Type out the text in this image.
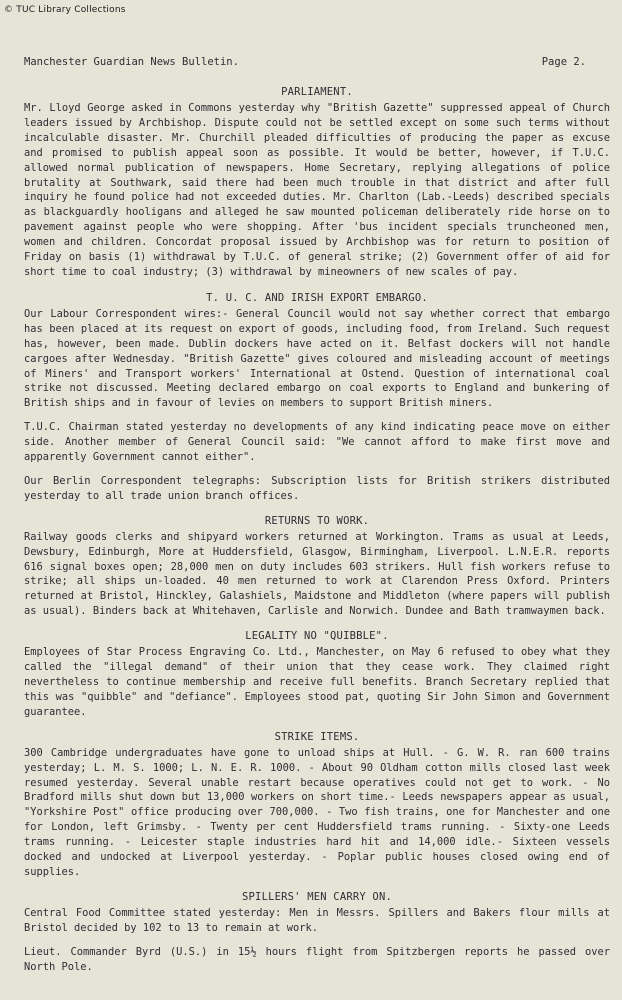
© TUC Library Collections
Manchester Guardian News Bulletin.	Page 2.
PARLIAMENT.

Mr. Lloyd George asked in Commons yesterday why "British Gazette" suppressed appeal of Church leaders issued by Archbishop. Dispute could not be settled except on some such terms without incalculable disaster. Mr. Churchill pleaded difficulties of producing the paper as excuse and promised to publish appeal soon as possible. It would be better, however, if T.U.C. allowed normal publication of newspapers. Home Secretary, replying allegations of police brutality at Southwark, said there had been much trouble in that district and after full inquiry he found police had not exceeded duties. Mr. Charlton (Lab.-Leeds) described specials as blackguardly hooligans and alleged he saw mounted policeman deliberately ride horse on to pavement against people who were shopping. After 'bus incident specials truncheoned men, women and children. Concordat proposal issued by Archbishop was for return to position of Friday on basis (1) withdrawal by T.U.C. of general strike; (2) Government offer of aid for short time to coal industry; (3) withdrawal by mineowners of new scales of pay.

T. U. C. AND IRISH EXPORT EMBARGO.

Our Labour Correspondent wires:- General Council would not say whether correct that embargo has been placed at its request on export of goods, including food, from Ireland. Such request has, however, been made. Dublin dockers have acted on it. Belfast dockers will not handle cargoes after Wednesday. "British Gazette" gives coloured and misleading account of meetings of Miners' and Transport workers' International at Ostend. Question of international coal strike not discussed. Meeting declared embargo on coal exports to England and bunkering of British ships and in favour of levies on members to support British miners.

T.U.C. Chairman stated yesterday no developments of any kind indicating peace move on either side. Another member of General Council said: "We cannot afford to make first move and apparently Government cannot either".

Our Berlin Correspondent telegraphs: Subscription lists for British strikers distributed yesterday to all trade union branch offices.

RETURNS TO WORK.

Railway goods clerks and shipyard workers returned at Workington. Trams as usual at Leeds, Dewsbury, Edinburgh, More at Huddersfield, Glasgow, Birmingham, Liverpool. L.N.E.R. reports 616 signal boxes open; 28,000 men on duty includes 603 strikers. Hull fish workers refuse to strike; all ships un-loaded. 40 men returned to work at Clarendon Press Oxford. Printers returned at Bristol, Hinckley, Galashiels, Maidstone and Middleton (where papers will publish as usual). Binders back at Whitehaven, Carlisle and Norwich. Dundee and Bath tramwaymen back.

LEGALITY NO "QUIBBLE".

Employees of Star Process Engraving Co. Ltd., Manchester, on May 6 refused to obey what they called the "illegal demand" of their union that they cease work. They claimed right nevertheless to continue membership and receive full benefits. Branch Secretary replied that this was "quibble" and "defiance". Employees stood pat, quoting Sir John Simon and Government guarantee.

STRIKE ITEMS.

300 Cambridge undergraduates have gone to unload ships at Hull. - G. W. R. ran 600 trains yesterday; L. M. S. 1000; L. N. E. R. 1000. - About 90 Oldham cotton mills closed last week resumed yesterday. Several unable restart because operatives could not get to work. - No Bradford mills shut down but 13,000 workers on short time.- Leeds newspapers appear as usual, "Yorkshire Post" office producing over 700,000. - Two fish trains, one for Manchester and one for London, left Grimsby. - Twenty per cent Huddersfield trams running. - Sixty-one Leeds trams running. - Leicester staple industries hard hit and 14,000 idle.- Sixteen vessels docked and undocked at Liverpool yesterday. - Poplar public houses closed owing end of supplies.

SPILLERS' MEN CARRY ON.

Central Food Committee stated yesterday: Men in Messrs. Spillers and Bakers flour mills at Bristol decided by 102 to 13 to remain at work.

Lieut. Commander Byrd (U.S.) in 15½ hours flight from Spitzbergen reports he passed over North Pole.
